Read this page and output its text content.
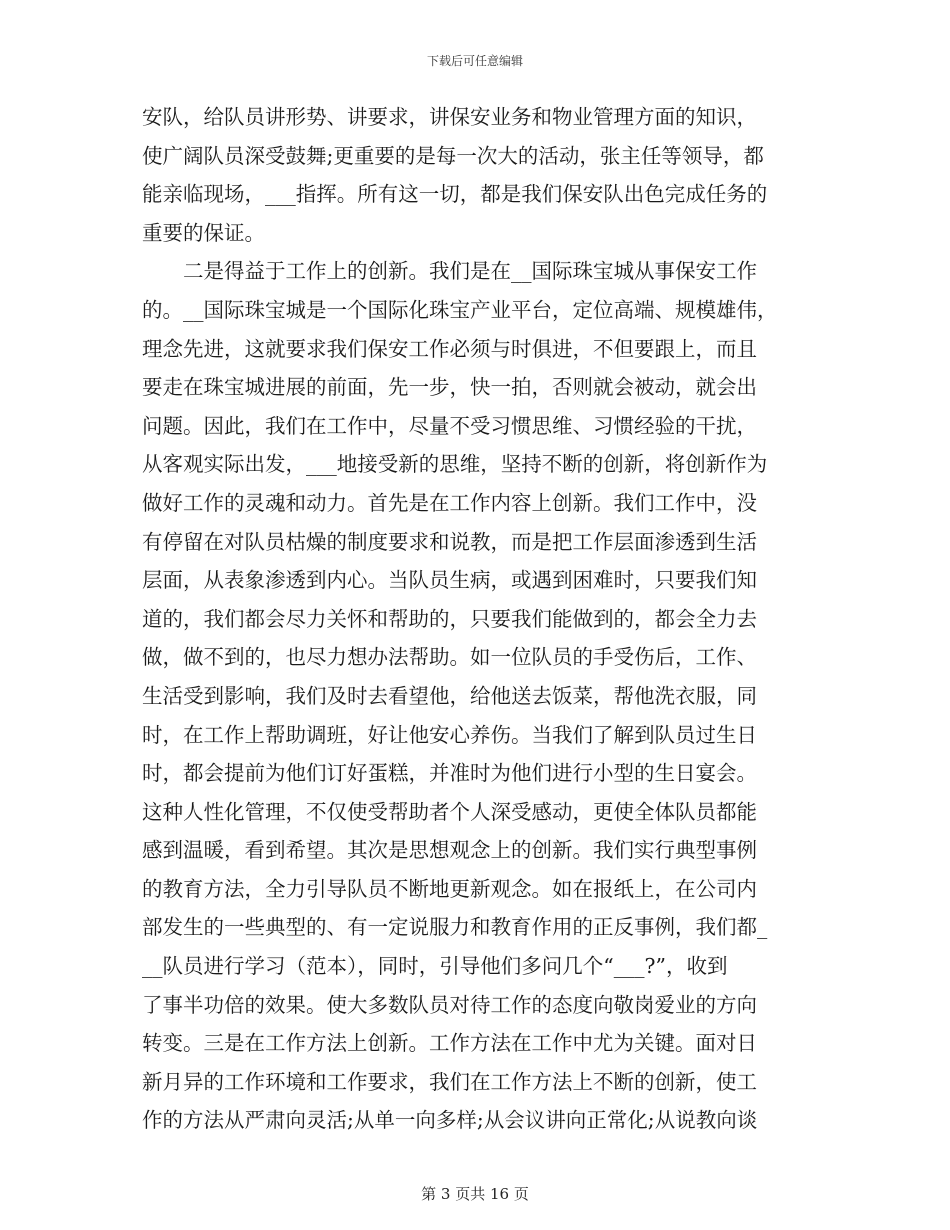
下载后可任意编辑
安队，给队员讲形势、讲要求，讲保安业务和物业管理方面的知识，
使广阔队员深受鼓舞;更重要的是每一次大的活动，张主任等领导，都
能亲临现场，___指挥。所有这一切，都是我们保安队出色完成任务的
重要的保证。
　　二是得益于工作上的创新。我们是在__国际珠宝城从事保安工作
的。__国际珠宝城是一个国际化珠宝产业平台，定位高端、规模雄伟，
理念先进，这就要求我们保安工作必须与时俱进，不但要跟上，而且
要走在珠宝城进展的前面，先一步，快一拍，否则就会被动，就会出
问题。因此，我们在工作中，尽量不受习惯思维、习惯经验的干扰，
从客观实际出发，___地接受新的思维，坚持不断的创新，将创新作为
做好工作的灵魂和动力。首先是在工作内容上创新。我们工作中，没
有停留在对队员枯燥的制度要求和说教，而是把工作层面渗透到生活
层面，从表象渗透到内心。当队员生病，或遇到困难时，只要我们知
道的，我们都会尽力关怀和帮助的，只要我们能做到的，都会全力去
做，做不到的，也尽力想办法帮助。如一位队员的手受伤后，工作、
生活受到影响，我们及时去看望他，给他送去饭菜，帮他洗衣服，同
时，在工作上帮助调班，好让他安心养伤。当我们了解到队员过生日
时，都会提前为他们订好蛋糕，并准时为他们进行小型的生日宴会。
这种人性化管理，不仅使受帮助者个人深受感动，更使全体队员都能
感到温暖，看到希望。其次是思想观念上的创新。我们实行典型事例
的教育方法，全力引导队员不断地更新观念。如在报纸上，在公司内
部发生的一些典型的、有一定说服力和教育作用的正反事例，我们都_
__队员进行学习（范本），同时，引导他们多问几个“___?”，收到
了事半功倍的效果。使大多数队员对待工作的态度向敬岗爱业的方向
转变。三是在工作方法上创新。工作方法在工作中尤为关键。面对日
新月异的工作环境和工作要求，我们在工作方法上不断的创新，使工
作的方法从严肃向灵活;从单一向多样;从会议讲向正常化;从说教向谈
第 3 页共 16 页
